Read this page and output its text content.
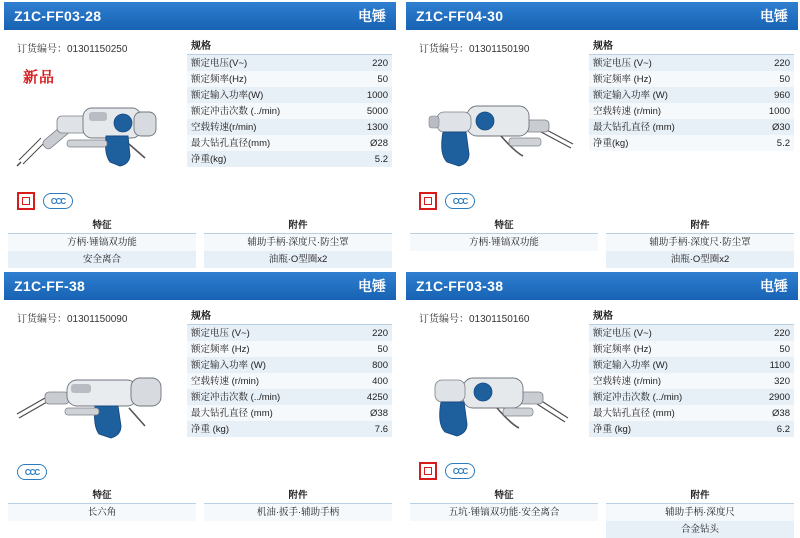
Z1C-FF03-28	电锤
订货编号：01301150250
新品
CCC
规格
额定电压(V~)	220
额定频率(Hz)	50
额定输入功率(W)	1000
额定冲击次数 (../min)	5000
空载转速(r/min)	1300
最大钻孔直径(mm)	Ø28
净重(kg)	5.2
特征
方柄·锤镐双功能
安全离合
附件
辅助手柄·深度尺·防尘罩
油瓶·O型圈x2
Z1C-FF04-30	电锤
订货编号：01301150190
CCC
规格
额定电压 (V~)	220
额定频率 (Hz)	50
额定输入功率 (W)	960
空载转速 (r/min)	1000
最大钻孔直径 (mm)	Ø30
净重(kg)	5.2
特征
方柄·锤镐双功能
附件
辅助手柄·深度尺·防尘罩
油瓶·O型圈x2
Z1C-FF-38	电锤
订货编号：01301150090
CCC
规格
额定电压 (V~)	220
额定频率 (Hz)	50
额定输入功率 (W)	800
空载转速 (r/min)	400
额定冲击次数 (../min)	4250
最大钻孔直径 (mm)	Ø38
净重 (kg)	7.6
特征
长六角
附件
机油·扳手·辅助手柄
Z1C-FF03-38	电锤
订货编号：01301150160
CCC
规格
额定电压 (V~)	220
额定频率 (Hz)	50
额定输入功率 (W)	1100
空载转速 (r/min)	320
额定冲击次数 (../min)	2900
最大钻孔直径 (mm)	Ø38
净重 (kg)	6.2
特征
五坑·锤镐双功能·安全离合
附件
辅助手柄·深度尺
合金钻头
